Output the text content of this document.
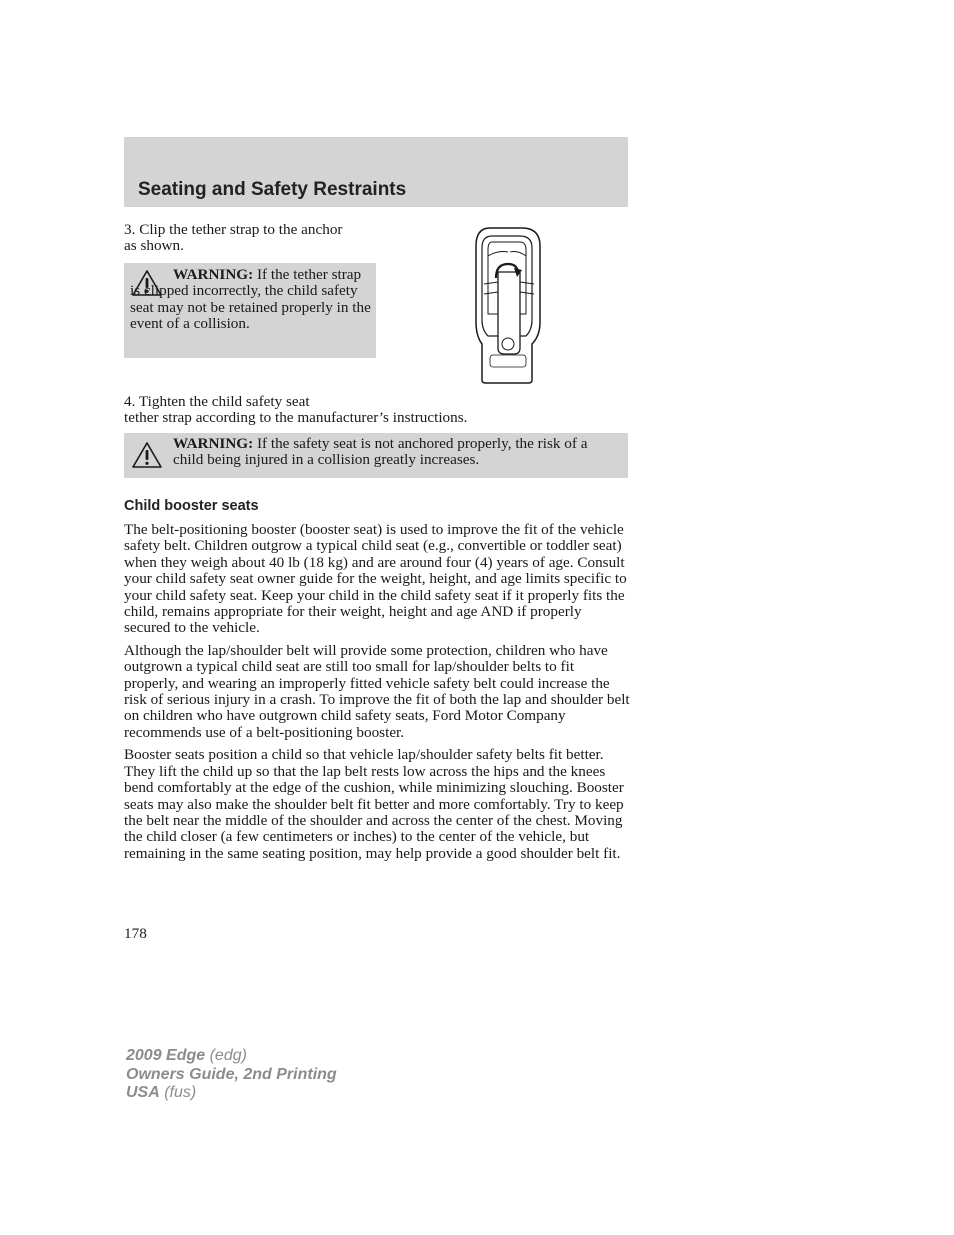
Seating and Safety Restraints

3. Clip the tether strap to the anchor as shown.

WARNING: If the tether strap is clipped incorrectly, the child safety seat may not be retained properly in the event of a collision.

4. Tighten the child safety seat
tether strap according to the manufacturer’s instructions.

WARNING: If the safety seat is not anchored properly, the risk of a child being injured in a collision greatly increases.

Child booster seats

The belt-positioning booster (booster seat) is used to improve the fit of the vehicle safety belt. Children outgrow a typical child seat (e.g., convertible or toddler seat) when they weigh about 40 lb (18 kg) and are around four (4) years of age. Consult your child safety seat owner guide for the weight, height, and age limits specific to your child safety seat. Keep your child in the child safety seat if it properly fits the child, remains appropriate for their weight, height and age AND if properly secured to the vehicle.

Although the lap/shoulder belt will provide some protection, children who have outgrown a typical child seat are still too small for lap/shoulder belts to fit properly, and wearing an improperly fitted vehicle safety belt could increase the risk of serious injury in a crash. To improve the fit of both the lap and shoulder belt on children who have outgrown child safety seats, Ford Motor Company recommends use of a belt-positioning booster.

Booster seats position a child so that vehicle lap/shoulder safety belts fit better. They lift the child up so that the lap belt rests low across the hips and the knees bend comfortably at the edge of the cushion, while minimizing slouching. Booster seats may also make the shoulder belt fit better and more comfortably. Try to keep the belt near the middle of the shoulder and across the center of the chest. Moving the child closer (a few centimeters or inches) to the center of the vehicle, but remaining in the same seating position, may help provide a good shoulder belt fit.

178

2009 Edge (edg)
Owners Guide, 2nd Printing
USA (fus)
